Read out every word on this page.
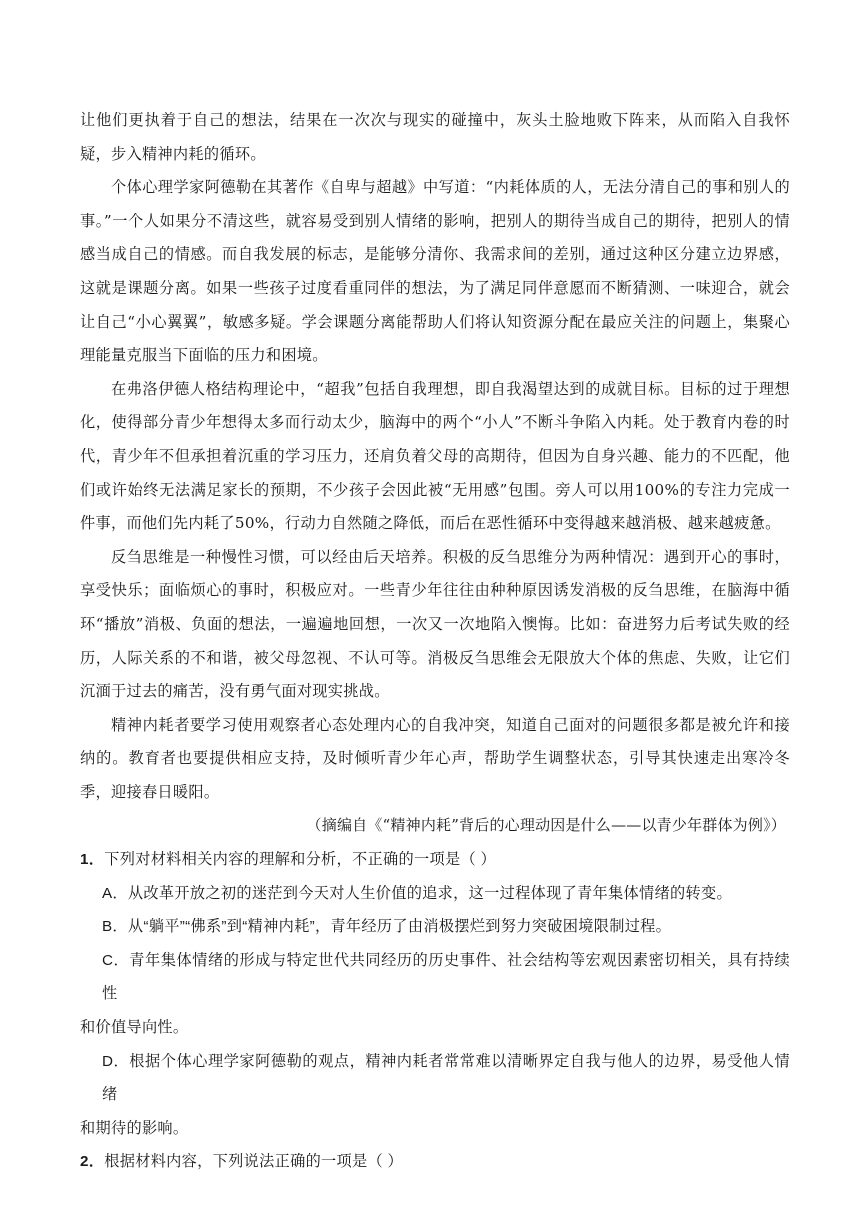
让他们更执着于自己的想法，结果在一次次与现实的碰撞中，灰头土脸地败下阵来，从而陷入自我怀疑，步入精神内耗的循环。

个体心理学家阿德勒在其著作《自卑与超越》中写道：“内耗体质的人，无法分清自己的事和别人的事。”一个人如果分不清这些，就容易受到别人情绪的影响，把别人的期待当成自己的期待，把别人的情感当成自己的情感。而自我发展的标志，是能够分清你、我需求间的差别，通过这种区分建立边界感，这就是课题分离。如果一些孩子过度看重同伴的想法，为了满足同伴意愿而不断猜测、一味迎合，就会让自己“小心翼翼”，敏感多疑。学会课题分离能帮助人们将认知资源分配在最应关注的问题上，集聚心理能量克服当下面临的压力和困境。

在弗洛伊德人格结构理论中，“超我”包括自我理想，即自我渴望达到的成就目标。目标的过于理想化，使得部分青少年想得太多而行动太少，脑海中的两个“小人”不断斗争陷入内耗。处于教育内卷的时代，青少年不但承担着沉重的学习压力，还肩负着父母的高期待，但因为自身兴趣、能力的不匹配，他们或许始终无法满足家长的预期，不少孩子会因此被“无用感”包围。旁人可以用100%的专注力完成一件事，而他们先内耗了50%，行动力自然随之降低，而后在恶性循环中变得越来越消极、越来越疲惫。

反刍思维是一种慢性习惯，可以经由后天培养。积极的反刍思维分为两种情况：遇到开心的事时，享受快乐；面临烦心的事时，积极应对。一些青少年往往由种种原因诱发消极的反刍思维，在脑海中循环“播放”消极、负面的想法，一遍遍地回想，一次又一次地陷入懊悔。比如：奋进努力后考试失败的经历，人际关系的不和谐，被父母忽视、不认可等。消极反刍思维会无限放大个体的焦虑、失败，让它们沉湎于过去的痛苦，没有勇气面对现实挑战。

精神内耗者要学习使用观察者心态处理内心的自我冲突，知道自己面对的问题很多都是被允许和接纳的。教育者也要提供相应支持，及时倾听青少年心声，帮助学生调整状态，引导其快速走出寒冷冬季，迎接春日暖阳。

（摘编自《“精神内耗”背后的心理动因是什么——以青少年群体为例》）

1．下列对材料相关内容的理解和分析，不正确的一项是（ ）

A．从改革开放之初的迷茫到今天对人生价值的追求，这一过程体现了青年集体情绪的转变。

B．从“躺平”“佛系”到“精神内耗”，青年经历了由消极摆烂到努力突破困境限制过程。

C．青年集体情绪的形成与特定世代共同经历的历史事件、社会结构等宏观因素密切相关，具有持续性

和价值导向性。

D．根据个体心理学家阿德勒的观点，精神内耗者常常难以清晰界定自我与他人的边界，易受他人情绪

和期待的影响。

2．根据材料内容，下列说法正确的一项是（ ）
